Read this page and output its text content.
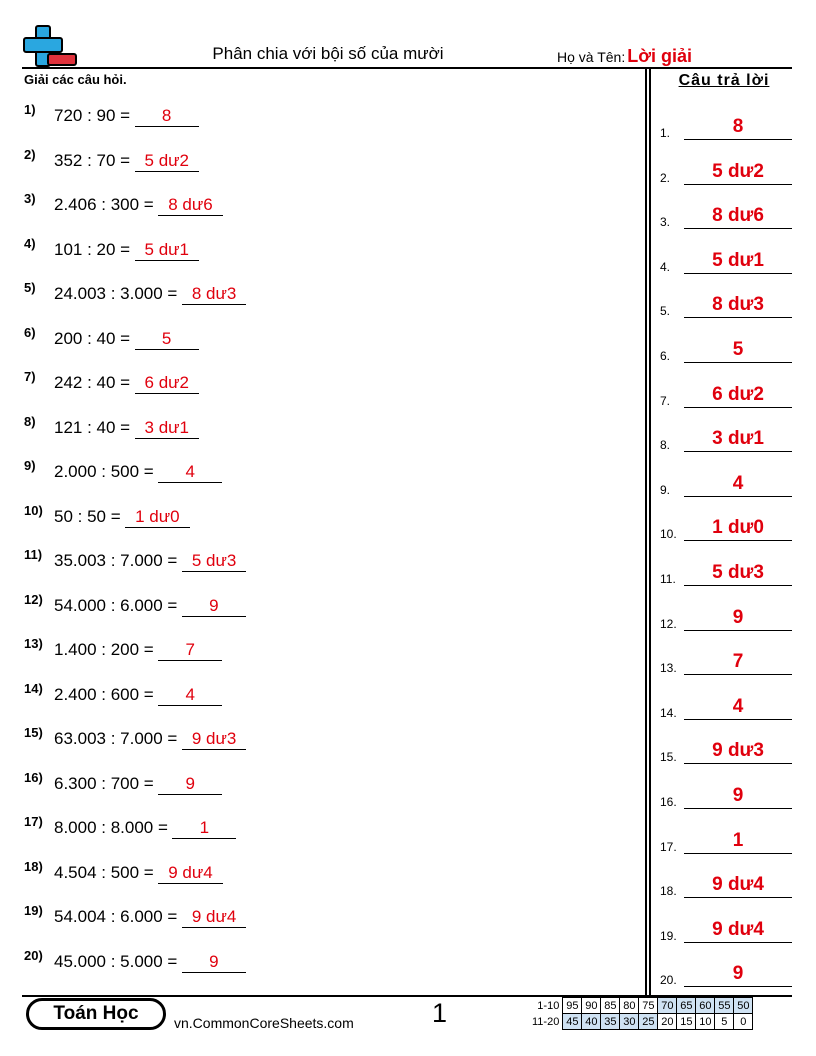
Phân chia với bội số của mười	Họ và Tên: Lời giải
Giải các câu hỏi.	Câu trả lời
1) 720 : 90 = 8
2) 352 : 70 = 5 dư2
3) 2.406 : 300 = 8 dư6
4) 101 : 20 = 5 dư1
5) 24.003 : 3.000 = 8 dư3
6) 200 : 40 = 5
7) 242 : 40 = 6 dư2
8) 121 : 40 = 3 dư1
9) 2.000 : 500 = 4
10) 50 : 50 = 1 dư0
11) 35.003 : 7.000 = 5 dư3
12) 54.000 : 6.000 = 9
13) 1.400 : 200 = 7
14) 2.400 : 600 = 4
15) 63.003 : 7.000 = 9 dư3
16) 6.300 : 700 = 9
17) 8.000 : 8.000 = 1
18) 4.504 : 500 = 9 dư4
19) 54.004 : 6.000 = 9 dư4
20) 45.000 : 5.000 = 9
1.	8
2.	5 dư2
3.	8 dư6
4.	5 dư1
5.	8 dư3
6.	5
7.	6 dư2
8.	3 dư1
9.	4
10.	1 dư0
11.	5 dư3
12.	9
13.	7
14.	4
15.	9 dư3
16.	9
17.	1
18.	9 dư4
19.	9 dư4
20.	9
Toán Học	vn.CommonCoreSheets.com	1	1-10	95	90	85	80	75	70	65	60	55	50
11-20	45	40	35	30	25	20	15	10	5	0
